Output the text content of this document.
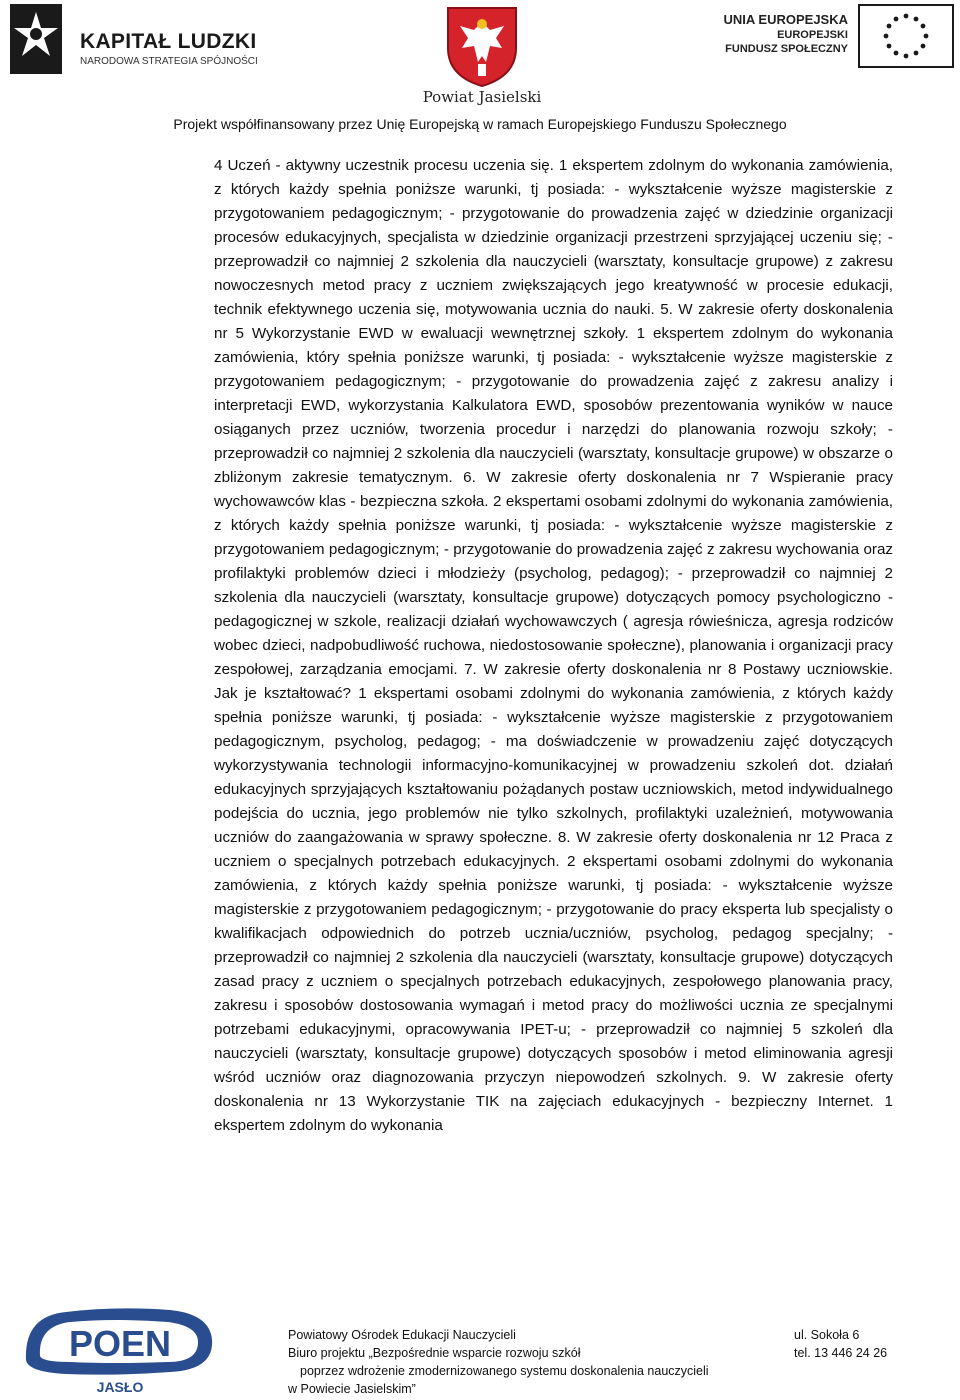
KAPITAŁ LUDZKI
NARODOWA STRATEGIA SPÓJNOŚCI
Powiat Jasielski
UNIA EUROPEJSKA
EUROPEJSKI
FUNDUSZ SPOŁECZNY
Projekt współfinansowany przez Unię Europejską w ramach Europejskiego Funduszu Społecznego
4 Uczeń - aktywny uczestnik procesu uczenia się. 1 ekspertem zdolnym do wykonania zamówienia, z których każdy spełnia poniższe warunki, tj posiada: - wykształcenie wyższe magisterskie z przygotowaniem pedagogicznym; - przygotowanie do prowadzenia zajęć w dziedzinie organizacji procesów edukacyjnych, specjalista w dziedzinie organizacji przestrzeni sprzyjającej uczeniu się; - przeprowadził co najmniej 2 szkolenia dla nauczycieli (warsztaty, konsultacje grupowe) z zakresu nowoczesnych metod pracy z uczniem zwiększających jego kreatywność w procesie edukacji, technik efektywnego uczenia się, motywowania ucznia do nauki. 5. W zakresie oferty doskonalenia nr 5 Wykorzystanie EWD w ewaluacji wewnętrznej szkoły. 1 ekspertem zdolnym do wykonania zamówienia, który spełnia poniższe warunki, tj posiada: - wykształcenie wyższe magisterskie z przygotowaniem pedagogicznym; - przygotowanie do prowadzenia zajęć z zakresu analizy i interpretacji EWD, wykorzystania Kalkulatora EWD, sposobów prezentowania wyników w nauce osiąganych przez uczniów, tworzenia procedur i narzędzi do planowania rozwoju szkoły; - przeprowadził co najmniej 2 szkolenia dla nauczycieli (warsztaty, konsultacje grupowe) w obszarze o zbliżonym zakresie tematycznym. 6. W zakresie oferty doskonalenia nr 7 Wspieranie pracy wychowawców klas - bezpieczna szkoła. 2 ekspertami osobami zdolnymi do wykonania zamówienia, z których każdy spełnia poniższe warunki, tj posiada: - wykształcenie wyższe magisterskie z przygotowaniem pedagogicznym; - przygotowanie do prowadzenia zajęć z zakresu wychowania oraz profilaktyki problemów dzieci i młodzieży (psycholog, pedagog); - przeprowadził co najmniej 2 szkolenia dla nauczycieli (warsztaty, konsultacje grupowe) dotyczących pomocy psychologiczno - pedagogicznej w szkole, realizacji działań wychowawczych ( agresja rówieśnicza, agresja rodziców wobec dzieci, nadpobudliwość ruchowa, niedostosowanie społeczne), planowania i organizacji pracy zespołowej, zarządzania emocjami. 7. W zakresie oferty doskonalenia nr 8 Postawy uczniowskie. Jak je kształtować? 1 ekspertami osobami zdolnymi do wykonania zamówienia, z których każdy spełnia poniższe warunki, tj posiada: - wykształcenie wyższe magisterskie z przygotowaniem pedagogicznym, psycholog, pedagog; - ma doświadczenie w prowadzeniu zajęć dotyczących wykorzystywania technologii informacyjno-komunikacyjnej w prowadzeniu szkoleń dot. działań edukacyjnych sprzyjających kształtowaniu pożądanych postaw uczniowskich, metod indywidualnego podejścia do ucznia, jego problemów nie tylko szkolnych, profilaktyki uzależnień, motywowania uczniów do zaangażowania w sprawy społeczne. 8. W zakresie oferty doskonalenia nr 12 Praca z uczniem o specjalnych potrzebach edukacyjnych. 2 ekspertami osobami zdolnymi do wykonania zamówienia, z których każdy spełnia poniższe warunki, tj posiada: - wykształcenie wyższe magisterskie z przygotowaniem pedagogicznym; - przygotowanie do pracy eksperta lub specjalisty o kwalifikacjach odpowiednich do potrzeb ucznia/uczniów, psycholog, pedagog specjalny; - przeprowadził co najmniej 2 szkolenia dla nauczycieli (warsztaty, konsultacje grupowe) dotyczących zasad pracy z uczniem o specjalnych potrzebach edukacyjnych, zespołowego planowania pracy, zakresu i sposobów dostosowania wymagań i metod pracy do możliwości ucznia ze specjalnymi potrzebami edukacyjnymi, opracowywania IPET-u; - przeprowadził co najmniej 5 szkoleń dla nauczycieli (warsztaty, konsultacje grupowe) dotyczących sposobów i metod eliminowania agresji wśród uczniów oraz diagnozowania przyczyn niepowodzeń szkolnych. 9. W zakresie oferty doskonalenia nr 13 Wykorzystanie TIK na zajęciach edukacyjnych - bezpieczny Internet. 1 ekspertem zdolnym do wykonania
POEN
JASŁO
Powiatowy Ośrodek Edukacji Nauczycieli
Biuro projektu „Bezpośrednie wsparcie rozwoju szkół
poprzez wdrożenie zmodernizowanego systemu doskonalenia nauczycieli
w Powiecie Jasielskim”
ul. Sokoła 6
tel. 13 446 24 26
